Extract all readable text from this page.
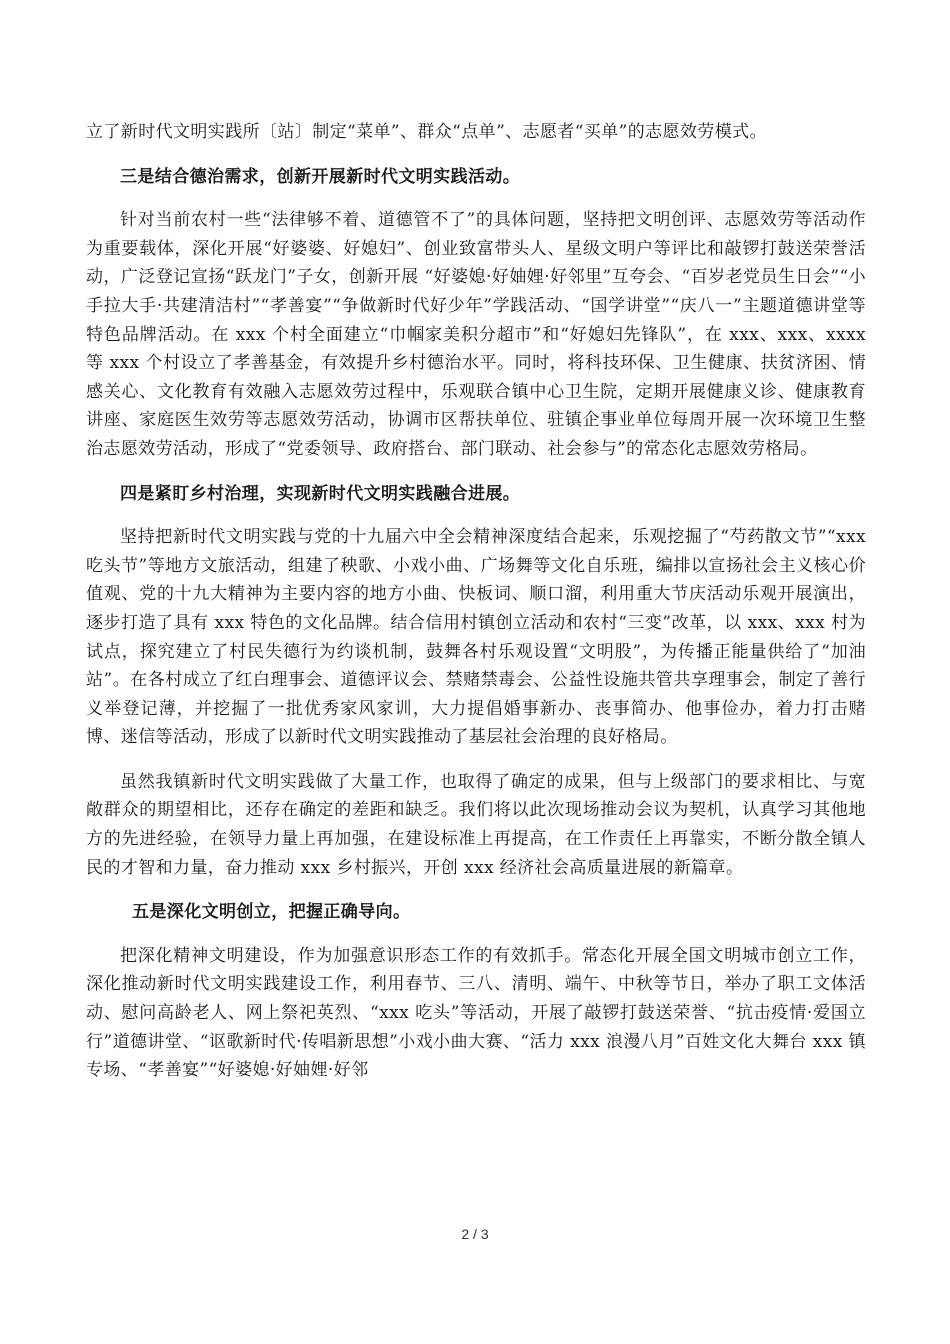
立了新时代文明实践所〔站〕制定“菜单”、群众“点单”、志愿者“买单”的志愿效劳模式。

三是结合德治需求，创新开展新时代文明实践活动。

针对当前农村一些“法律够不着、道德管不了”的具体问题，坚持把文明创评、志愿效劳等活动作为重要载体，深化开展“好婆婆、好媳妇”、创业致富带头人、星级文明户等评比和敲锣打鼓送荣誉活动，广泛登记宣扬“跃龙门”子女，创新开展 “好婆媳·好妯娌·好邻里”互夸会、“百岁老党员生日会”“小手拉大手·共建清洁村”“孝善宴”“争做新时代好少年”学践活动、“国学讲堂”“庆八一”主题道德讲堂等特色品牌活动。在 xxx 个村全面建立“巾帼家美积分超市”和“好媳妇先锋队”，在 xxx、xxx、xxxx 等 xxx 个村设立了孝善基金，有效提升乡村德治水平。同时，将科技环保、卫生健康、扶贫济困、情感关心、文化教育有效融入志愿效劳过程中，乐观联合镇中心卫生院，定期开展健康义诊、健康教育讲座、家庭医生效劳等志愿效劳活动，协调市区帮扶单位、驻镇企事业单位每周开展一次环境卫生整治志愿效劳活动，形成了“党委领导、政府搭台、部门联动、社会参与”的常态化志愿效劳格局。

四是紧盯乡村治理，实现新时代文明实践融合进展。

坚持把新时代文明实践与党的十九届六中全会精神深度结合起来，乐观挖掘了“芍药散文节”“xxx 吃头节”等地方文旅活动，组建了秧歌、小戏小曲、广场舞等文化自乐班，编排以宣扬社会主义核心价值观、党的十九大精神为主要内容的地方小曲、快板词、顺口溜，利用重大节庆活动乐观开展演出，逐步打造了具有 xxx 特色的文化品牌。结合信用村镇创立活动和农村“三变”改革，以 xxx、xxx 村为试点，探究建立了村民失德行为约谈机制，鼓舞各村乐观设置“文明股”，为传播正能量供给了“加油站”。在各村成立了红白理事会、道德评议会、禁赌禁毒会、公益性设施共管共享理事会，制定了善行义举登记薄，并挖掘了一批优秀家风家训，大力提倡婚事新办、丧事简办、他事俭办，着力打击赌博、迷信等活动，形成了以新时代文明实践推动了基层社会治理的良好格局。

虽然我镇新时代文明实践做了大量工作，也取得了确定的成果，但与上级部门的要求相比、与宽敞群众的期望相比，还存在确定的差距和缺乏。我们将以此次现场推动会议为契机，认真学习其他地方的先进经验，在领导力量上再加强，在建设标准上再提高，在工作责任上再靠实，不断分散全镇人民的才智和力量，奋力推动 xxx 乡村振兴，开创 xxx 经济社会高质量进展的新篇章。

五是深化文明创立，把握正确导向。

把深化精神文明建设，作为加强意识形态工作的有效抓手。常态化开展全国文明城市创立工作，深化推动新时代文明实践建设工作，利用春节、三八、清明、端午、中秋等节日，举办了职工文体活动、慰问高龄老人、网上祭祀英烈、“xxx 吃头”等活动，开展了敲锣打鼓送荣誉、“抗击疫情·爱国立行”道德讲堂、“讴歌新时代·传唱新思想”小戏小曲大赛、“活力 xxx 浪漫八月”百姓文化大舞台 xxx 镇专场、“孝善宴”“好婆媳·好妯娌·好邻

2 / 3
